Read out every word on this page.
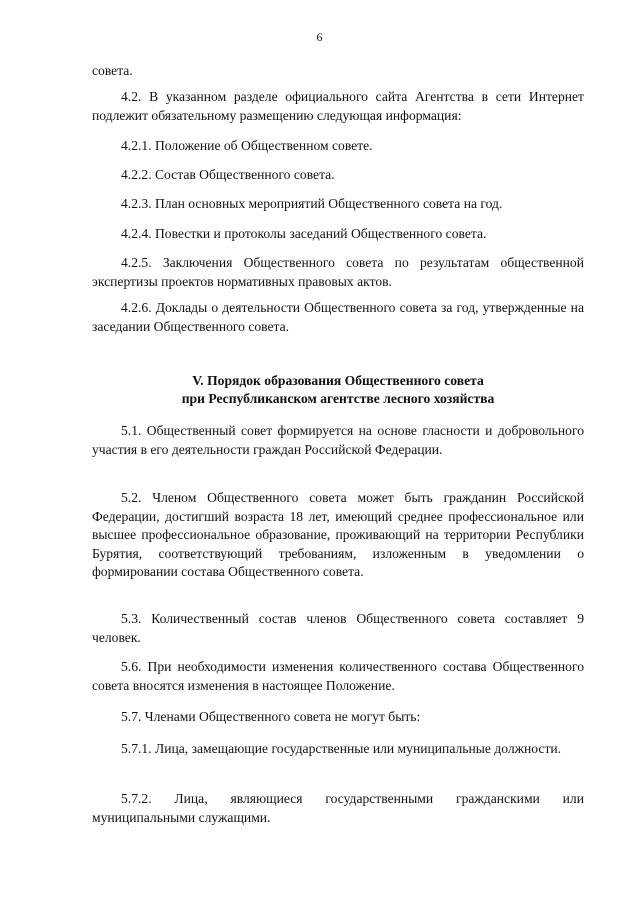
6

совета.

4.2. В указанном разделе официального сайта Агентства в сети Интернет подлежит обязательному размещению следующая информация:

4.2.1. Положение об Общественном совете.

4.2.2. Состав Общественного совета.

4.2.3. План основных мероприятий Общественного совета на год.

4.2.4. Повестки и протоколы заседаний Общественного совета.

4.2.5. Заключения Общественного совета по результатам общественной экспертизы проектов нормативных правовых актов.

4.2.6. Доклады о деятельности Общественного совета за год, утвержденные на заседании Общественного совета.

V. Порядок образования Общественного совета
при Республиканском агентстве лесного хозяйства

5.1. Общественный совет формируется на основе гласности и добровольного участия в его деятельности граждан Российской Федерации.

5.2. Членом Общественного совета может быть гражданин Российской Федерации, достигший возраста 18 лет, имеющий среднее профессиональное или высшее профессиональное образование, проживающий на территории Республики Бурятия, соответствующий требованиям, изложенным в уведомлении о формировании состава Общественного совета.

5.3. Количественный состав членов Общественного совета составляет 9 человек.

5.6. При необходимости изменения количественного состава Общественного совета вносятся изменения в настоящее Положение.

5.7. Членами Общественного совета не могут быть:

5.7.1. Лица, замещающие государственные или муниципальные должности.

5.7.2. Лица, являющиеся государственными гражданскими или муниципальными служащими.
